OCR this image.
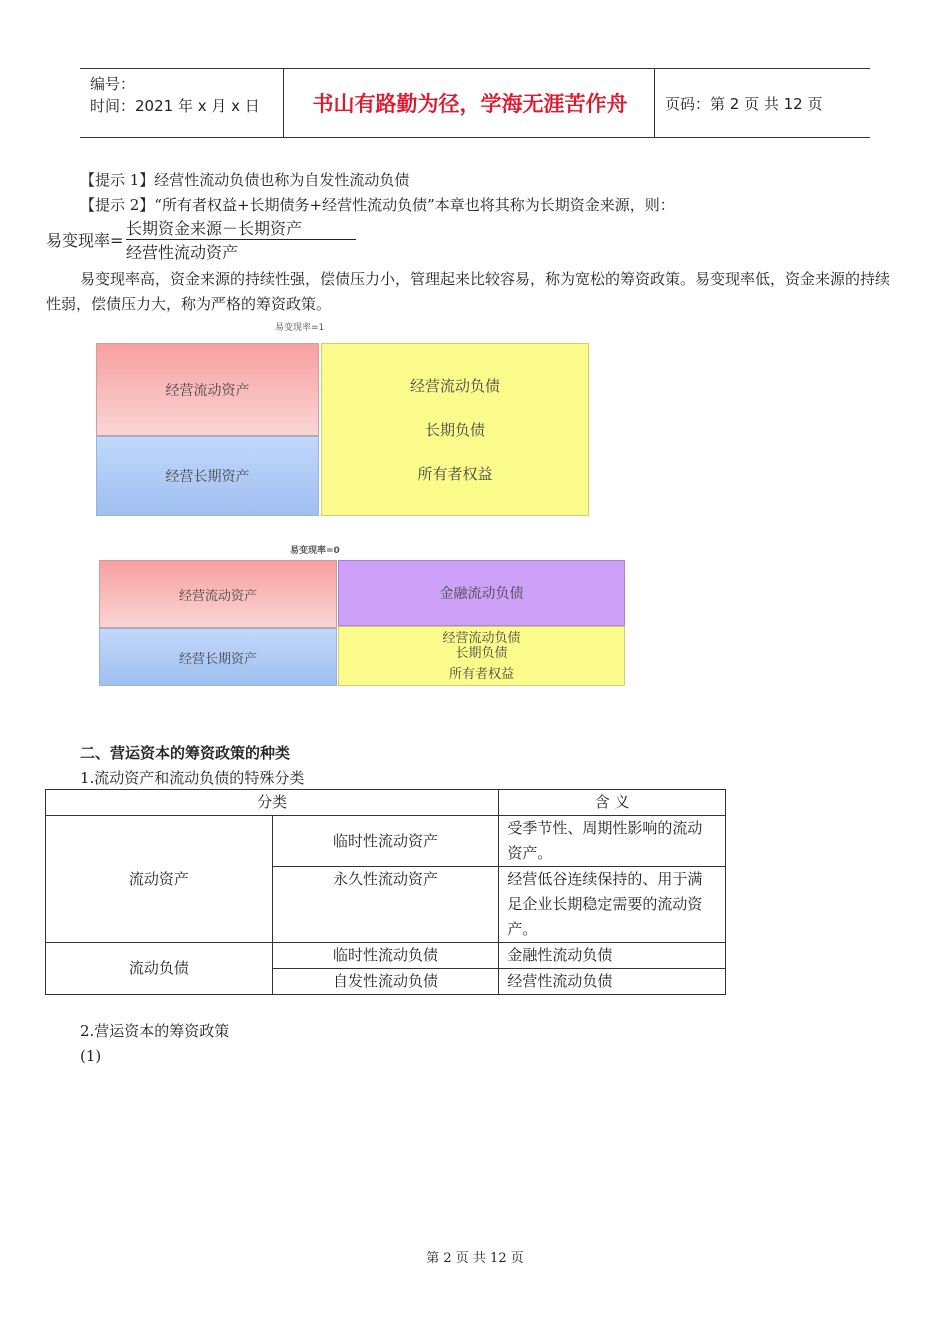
编号：
时间：2021 年 x 月 x 日	书山有路勤为径，学海无涯苦作舟	页码：第 2 页 共 12 页
【提示 1】经营性流动负债也称为自发性流动负债
【提示 2】“所有者权益+长期债务+经营性流动负债”本章也将其称为长期资金来源，则：
易变现率=
长期资金来源－长期资产
经营性流动资产
易变现率高，资金来源的持续性强，偿债压力小，管理起来比较容易，称为宽松的筹资政策。易变现率低，资金来源的持续性弱，偿债压力大，称为严格的筹资政策。
易变现率=1
经营流动资产
经营长期资产
经营流动负债
长期负债
所有者权益
易变现率=0
经营流动资产
经营长期资产
金融流动负债
经营流动负债
长期负债
所有者权益
二、营运资本的筹资政策的种类
1.流动资产和流动负债的特殊分类
分类		含 义
流动资产	临时性流动资产	受季节性、周期性影响的流动资产。
	永久性流动资产	经营低谷连续保持的、用于满足企业长期稳定需要的流动资产。
流动负债	临时性流动负债	金融性流动负债
	自发性流动负债	经营性流动负债
2.营运资本的筹资政策
(1)
第 2 页 共 12 页
